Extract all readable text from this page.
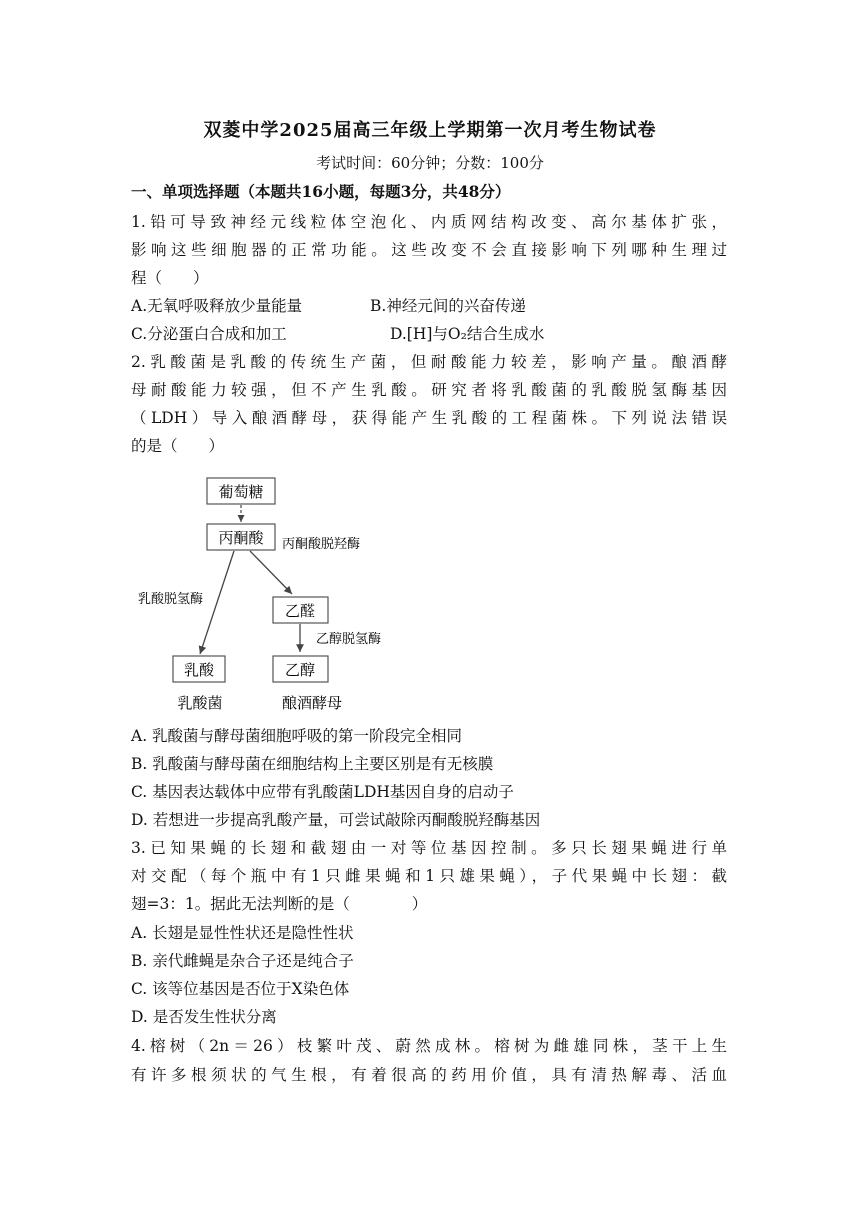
双菱中学2025届高三年级上学期第一次月考生物试卷
考试时间：60分钟；分数：100分
一、单项选择题（本题共16小题，每题3分，共48分）
1.铅可导致神经元线粒体空泡化、内质网结构改变、高尔基体扩张，
影响这些细胞器的正常功能。这些改变不会直接影响下列哪种生理过
程（　　）
A.无氧呼吸释放少量能量	B.神经元间的兴奋传递
C.分泌蛋白合成和加工	D.[H]与O₂结合生成水
2.乳酸菌是乳酸的传统生产菌，但耐酸能力较差，影响产量。酿酒酵
母耐酸能力较强，但不产生乳酸。研究者将乳酸菌的乳酸脱氢酶基因
（LDH）导入酿酒酵母，获得能产生乳酸的工程菌株。下列说法错误
的是（　　）
葡萄糖
丙酮酸
乳酸脱氢酶
丙酮酸脱羟酶
乙醛
乙醇脱氢酶
乳酸	乙醇
乳酸菌	酿酒酵母
A. 乳酸菌与酵母菌细胞呼吸的第一阶段完全相同
B. 乳酸菌与酵母菌在细胞结构上主要区别是有无核膜
C. 基因表达载体中应带有乳酸菌LDH基因自身的启动子
D. 若想进一步提高乳酸产量，可尝试敲除丙酮酸脱羟酶基因
3.已知果蝇的长翅和截翅由一对等位基因控制。多只长翅果蝇进行单
对交配（每个瓶中有1只雌果蝇和1只雄果蝇），子代果蝇中长翅：截
翅=3：1。据此无法判断的是（　　　　）
A. 长翅是显性性状还是隐性性状
B. 亲代雌蝇是杂合子还是纯合子
C. 该等位基因是否位于X染色体
D. 是否发生性状分离
4.榕树（2n＝26）枝繁叶茂、蔚然成林。榕树为雌雄同株，茎干上生
有许多根须状的气生根，有着很高的药用价值，具有清热解毒、活血
